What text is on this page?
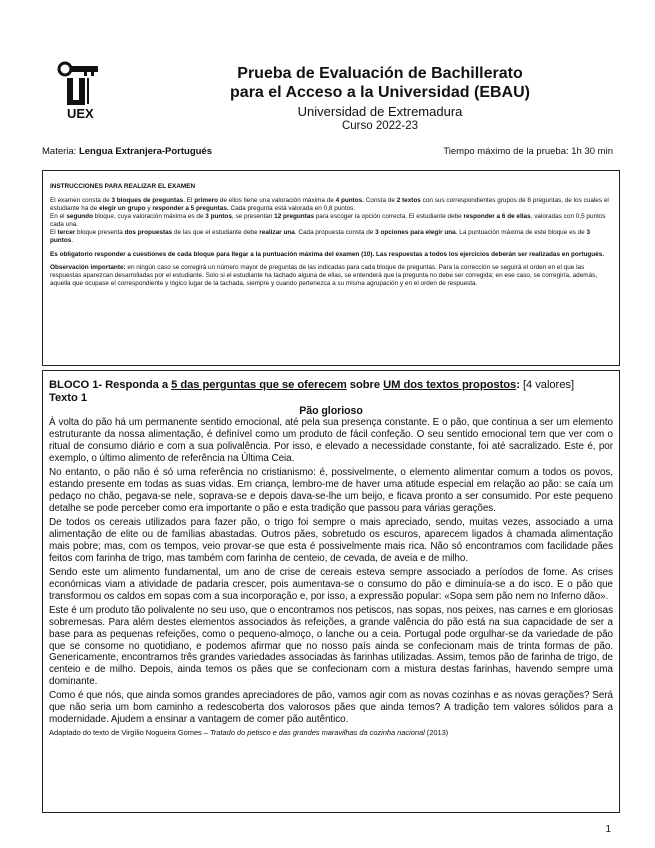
UEX
Prueba de Evaluación de Bachillerato
para el Acceso a la Universidad (EBAU)
Universidad de Extremadura
Curso 2022-23
Materia: Lengua Extranjera-Portugués	Tiempo máximo de la prueba: 1h 30 min

INSTRUCCIONES PARA REALIZAR EL EXAMEN

El examen consta de 3 bloques de preguntas. El primero de ellos tiene una valoración máxima de 4 puntos. Consta de 2 textos con sus correspondientes grupos de 8 preguntas, de los cuales el estudiante ha de elegir un grupo y responder a 5 preguntas. Cada pregunta está valorada en 0,8 puntos.
En el segundo bloque, cuya valoración máxima es de 3 puntos, se presentan 12 preguntas para escoger la opción correcta. El estudiante debe responder a 6 de ellas, valoradas con 0,5 puntos cada una.
El tercer bloque presenta dos propuestas de las que el estudiante debe realizar una. Cada propuesta consta de 3 opciones para elegir una. La puntuación máxima de este bloque es de 3 puntos.

Es obligatorio responder a cuestiones de cada bloque para llegar a la puntuación máxima del examen (10). Las respuestas a todos los ejercicios deberán ser realizadas en portugués.

Observación importante: en ningún caso se corregirá un número mayor de preguntas de las indicadas para cada bloque de preguntas. Para la corrección se seguirá el orden en el que las respuestas aparezcan desarrolladas por el estudiante. Solo si el estudiante ha tachado alguna de ellas, se entenderá que la pregunta no debe ser corregida; en ese caso, se corregiría, además, aquella que ocupase el correspondiente y lógico lugar de la tachada, siempre y cuando pertenezca a su misma agrupación y en el orden de respuesta.

BLOCO 1- Responda a 5 das perguntas que se oferecem sobre UM dos textos propostos: [4 valores]
Texto 1
Pão glorioso

À volta do pão há um permanente sentido emocional, até pela sua presença constante. E o pão, que continua a ser um elemento estruturante da nossa alimentação, é definível como um produto de fácil confeção. O seu sentido emocional tem que ver com o ritual de consumo diário e com a sua polivalência. Por isso, e elevado a necessidade constante, foi até sacralizado. Este é, por exemplo, o último alimento de referência na Última Ceia.

No entanto, o pão não é só uma referência no cristianismo: é, possivelmente, o elemento alimentar comum a todos os povos, estando presente em todas as suas vidas. Em criança, lembro-me de haver uma atitude especial em relação ao pão: se caía um pedaço no chão, pegava-se nele, soprava-se e depois dava-se-lhe um beijo, e ficava pronto a ser consumido. Por este pequeno detalhe se pode perceber como era importante o pão e esta tradição que passou para várias gerações.

De todos os cereais utilizados para fazer pão, o trigo foi sempre o mais apreciado, sendo, muitas vezes, associado a uma alimentação de elite ou de famílias abastadas. Outros pães, sobretudo os escuros, aparecem ligados à chamada alimentação mais pobre; mas, com os tempos, veio provar-se que esta é possivelmente mais rica. Não só encontramos com facilidade pães feitos com farinha de trigo, mas também com farinha de centeio, de cevada, de aveia e de milho.

Sendo este um alimento fundamental, um ano de crise de cereais esteva sempre associado a períodos de fome. As crises económicas viam a atividade de padaria crescer, pois aumentava-se o consumo do pão e diminuía-se a do isco. E o pão que transformou os caldos em sopas com a sua incorporação e, por isso, a expressão popular: «Sopa sem pão nem no Inferno dão».

Este é um produto tão polivalente no seu uso, que o encontramos nos petiscos, nas sopas, nos peixes, nas carnes e em gloriosas sobremesas. Para além destes elementos associados às refeições, a grande valência do pão está na sua capacidade de ser a base para as pequenas refeições, como o pequeno-almoço, o lanche ou a ceia. Portugal pode orgulhar-se da variedade de pão que se consome no quotidiano, e podemos afirmar que no nosso país ainda se confecionam mais de trinta formas de pão. Genericamente, encontramos três grandes variedades associadas às farinhas utilizadas. Assim, temos pão de farinha de trigo, de centeio e de milho. Depois, ainda temos os pães que se confecionam com a mistura destas farinhas, havendo sempre uma dominante.

Como é que nós, que ainda somos grandes apreciadores de pão, vamos agir com as novas cozinhas e as novas gerações? Será que não seria um bom caminho a redescoberta dos valorosos pães que ainda temos? A tradição tem valores sólidos para a modernidade. Ajudem a ensinar a vantagem de comer pão autêntico.

Adaptado do texto de Virgílio Nogueira Gomes – Tratado do petisco e das grandes maravilhas da cozinha nacional (2013)

1
